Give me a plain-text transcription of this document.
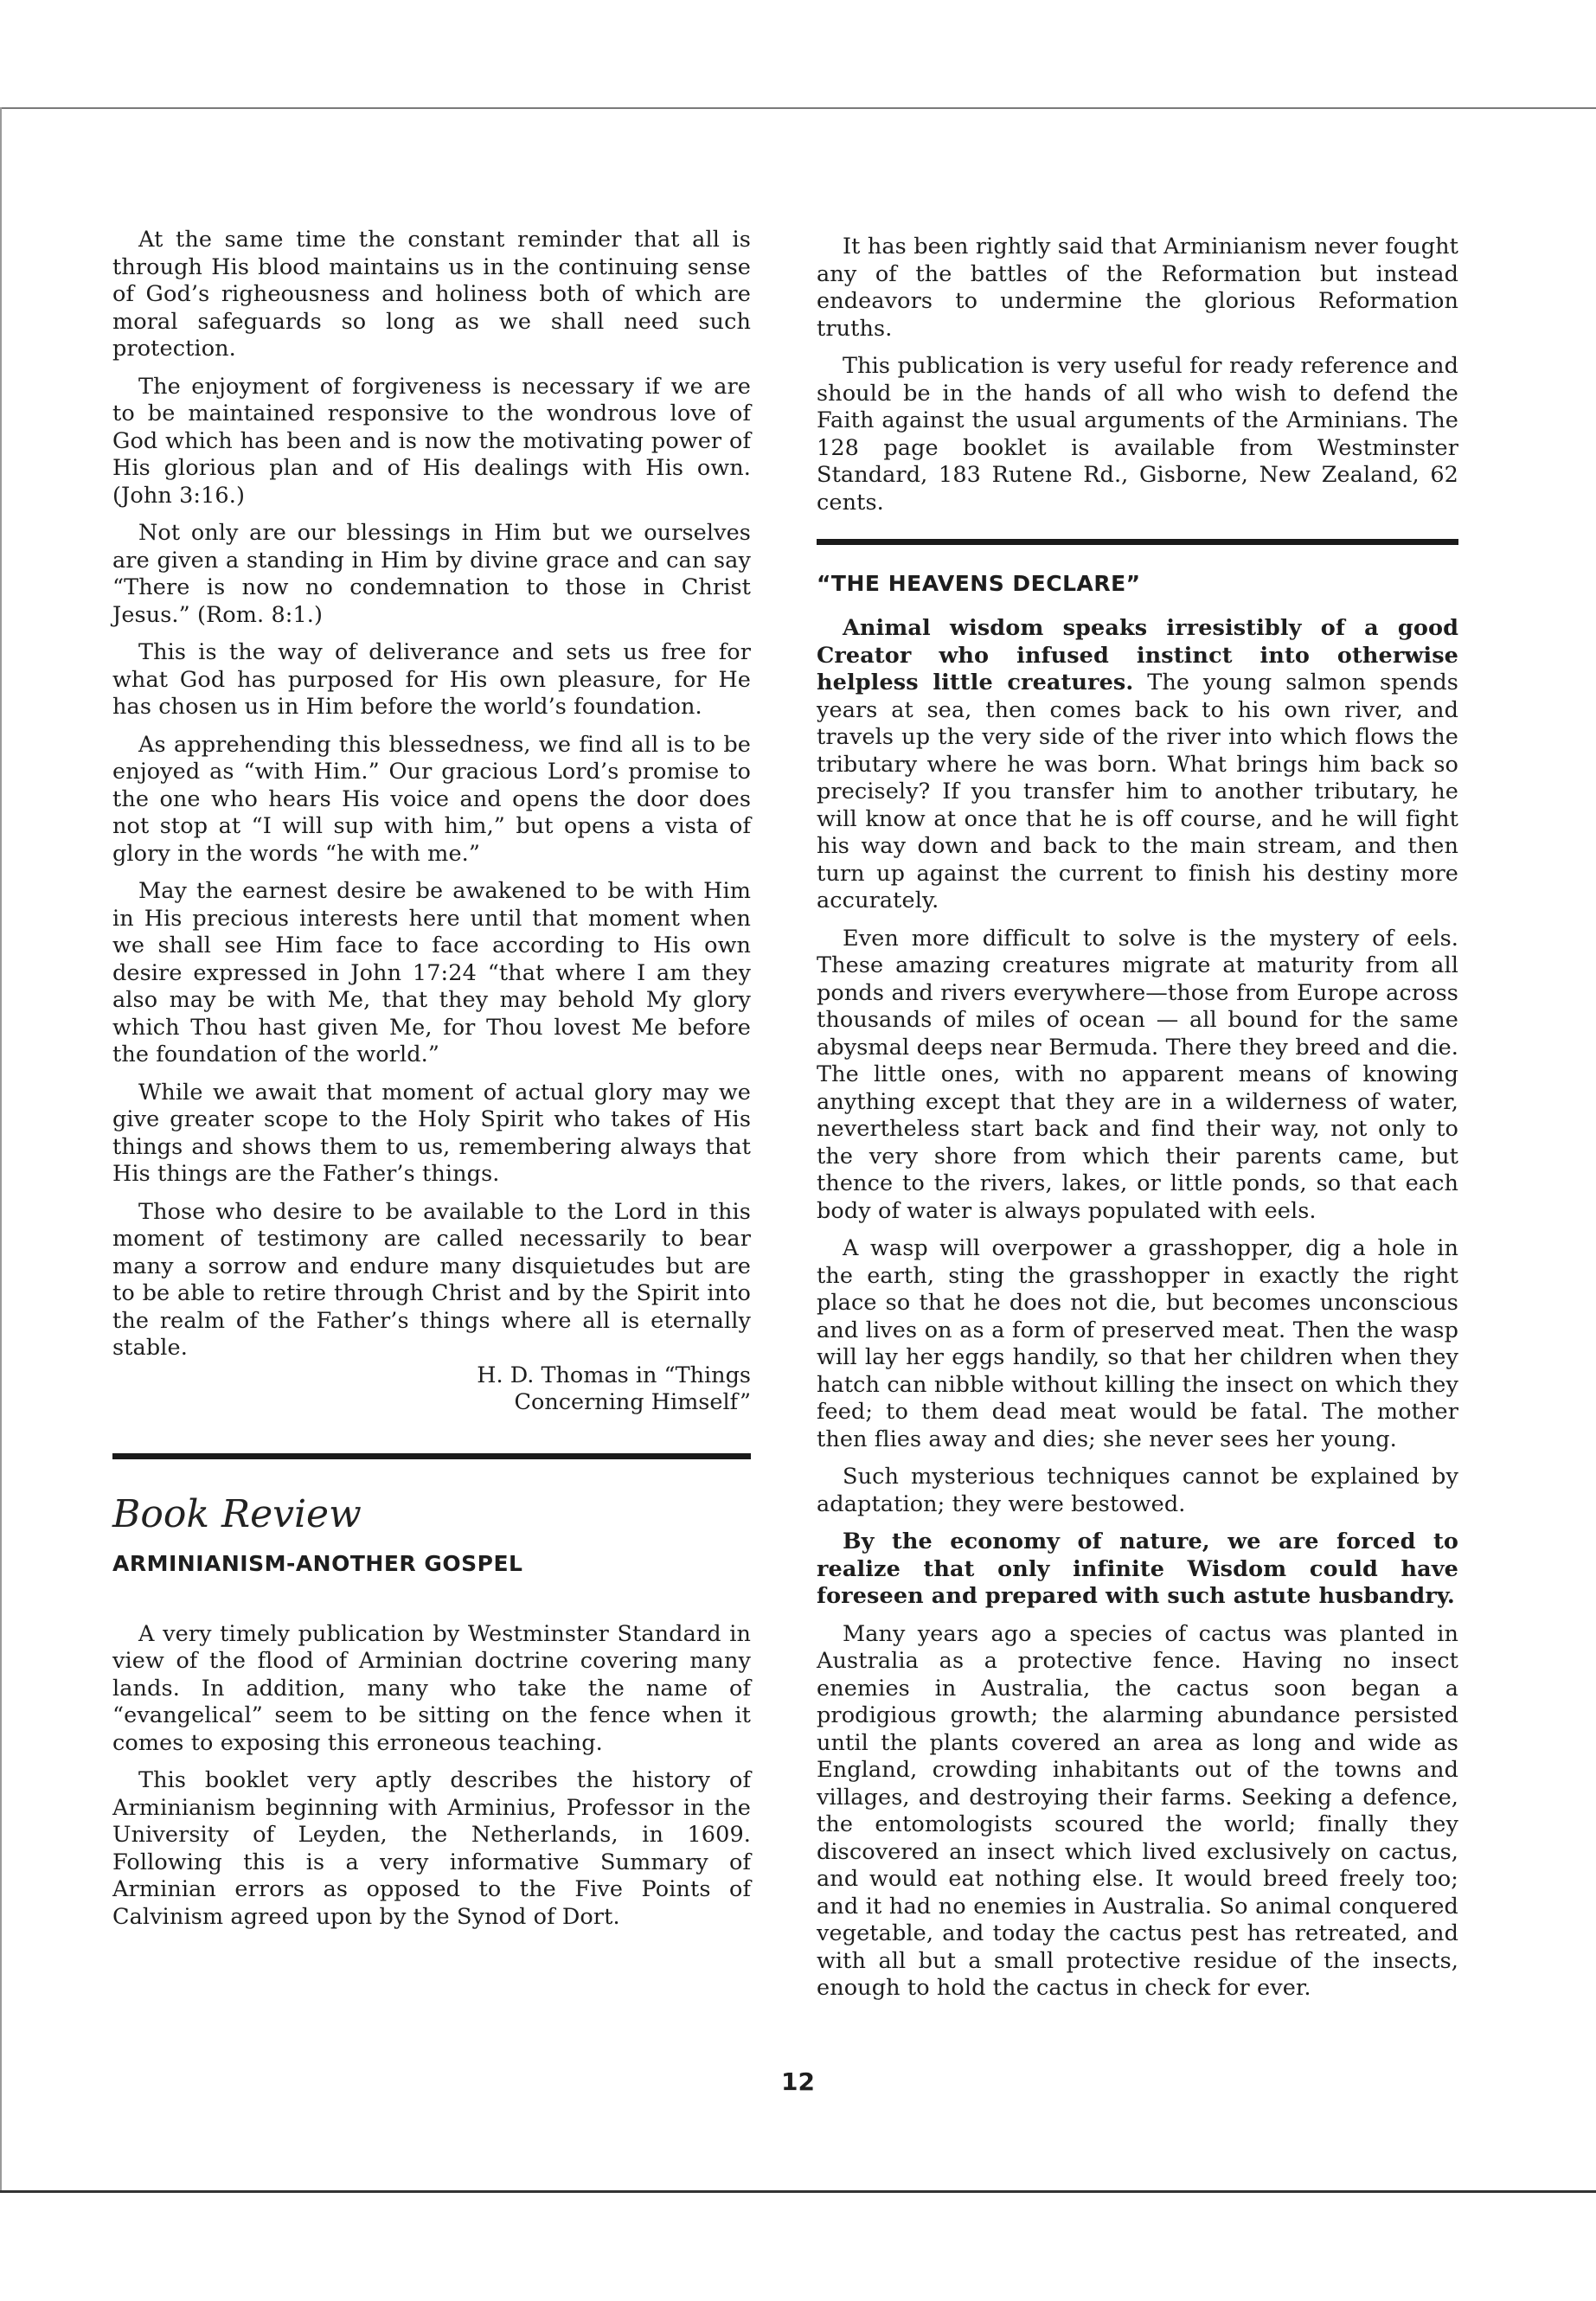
At the same time the constant reminder that all is through His blood maintains us in the continuing sense of God’s righeousness and holiness both of which are moral safeguards so long as we shall need such protection.

The enjoyment of forgiveness is necessary if we are to be maintained responsive to the wondrous love of God which has been and is now the motivating power of His glorious plan and of His dealings with His own. (John 3:16.)

Not only are our blessings in Him but we ourselves are given a standing in Him by divine grace and can say “There is now no condemnation to those in Christ Jesus.” (Rom. 8:1.)

This is the way of deliverance and sets us free for what God has purposed for His own pleasure, for He has chosen us in Him before the world’s foundation.

As apprehending this blessedness, we find all is to be enjoyed as “with Him.” Our gracious Lord’s promise to the one who hears His voice and opens the door does not stop at “I will sup with him,” but opens a vista of glory in the words “he with me.”

May the earnest desire be awakened to be with Him in His precious interests here until that moment when we shall see Him face to face according to His own desire expressed in John 17:24 “that where I am they also may be with Me, that they may behold My glory which Thou hast given Me, for Thou lovest Me before the foundation of the world.”

While we await that moment of actual glory may we give greater scope to the Holy Spirit who takes of His things and shows them to us, remembering always that His things are the Father’s things.

Those who desire to be available to the Lord in this moment of testimony are called necessarily to bear many a sorrow and endure many disquietudes but are to be able to retire through Christ and by the Spirit into the realm of the Father’s things where all is eternally stable.

H. D. Thomas in “Things
Concerning Himself”
Book Review
ARMINIANISM-ANOTHER GOSPEL

A very timely publication by Westminster Standard in view of the flood of Arminian doctrine covering many lands. In addition, many who take the name of “evangelical” seem to be sitting on the fence when it comes to exposing this erroneous teaching.

This booklet very aptly describes the history of Arminianism beginning with Arminius, Professor in the University of Leyden, the Netherlands, in 1609. Following this is a very informative Summary of Arminian errors as opposed to the Five Points of Calvinism agreed upon by the Synod of Dort.

It has been rightly said that Arminianism never fought any of the battles of the Reformation but instead endeavors to undermine the glorious Reformation truths.

This publication is very useful for ready reference and should be in the hands of all who wish to defend the Faith against the usual arguments of the Arminians. The 128 page booklet is available from Westminster Standard, 183 Rutene Rd., Gisborne, New Zealand, 62 cents.

“THE HEAVENS DECLARE”

Animal wisdom speaks irresistibly of a good Creator who infused instinct into otherwise helpless little creatures. The young salmon spends years at sea, then comes back to his own river, and travels up the very side of the river into which flows the tributary where he was born. What brings him back so precisely? If you transfer him to another tributary, he will know at once that he is off course, and he will fight his way down and back to the main stream, and then turn up against the current to finish his destiny more accurately.

Even more difficult to solve is the mystery of eels. These amazing creatures migrate at maturity from all ponds and rivers everywhere—those from Europe across thousands of miles of ocean — all bound for the same abysmal deeps near Bermuda. There they breed and die. The little ones, with no apparent means of knowing anything except that they are in a wilderness of water, nevertheless start back and find their way, not only to the very shore from which their parents came, but thence to the rivers, lakes, or little ponds, so that each body of water is always populated with eels.

A wasp will overpower a grasshopper, dig a hole in the earth, sting the grasshopper in exactly the right place so that he does not die, but becomes unconscious and lives on as a form of preserved meat. Then the wasp will lay her eggs handily, so that her children when they hatch can nibble without killing the insect on which they feed; to them dead meat would be fatal. The mother then flies away and dies; she never sees her young.

Such mysterious techniques cannot be explained by adaptation; they were bestowed.

By the economy of nature, we are forced to realize that only infinite Wisdom could have foreseen and prepared with such astute husbandry.

Many years ago a species of cactus was planted in Australia as a protective fence. Having no insect enemies in Australia, the cactus soon began a prodigious growth; the alarming abundance persisted until the plants covered an area as long and wide as England, crowding inhabitants out of the towns and villages, and destroying their farms. Seeking a defence, the entomologists scoured the world; finally they discovered an insect which lived exclusively on cactus, and would eat nothing else. It would breed freely too; and it had no enemies in Australia. So animal conquered vegetable, and today the cactus pest has retreated, and with all but a small protective residue of the insects, enough to hold the cactus in check for ever.

12
